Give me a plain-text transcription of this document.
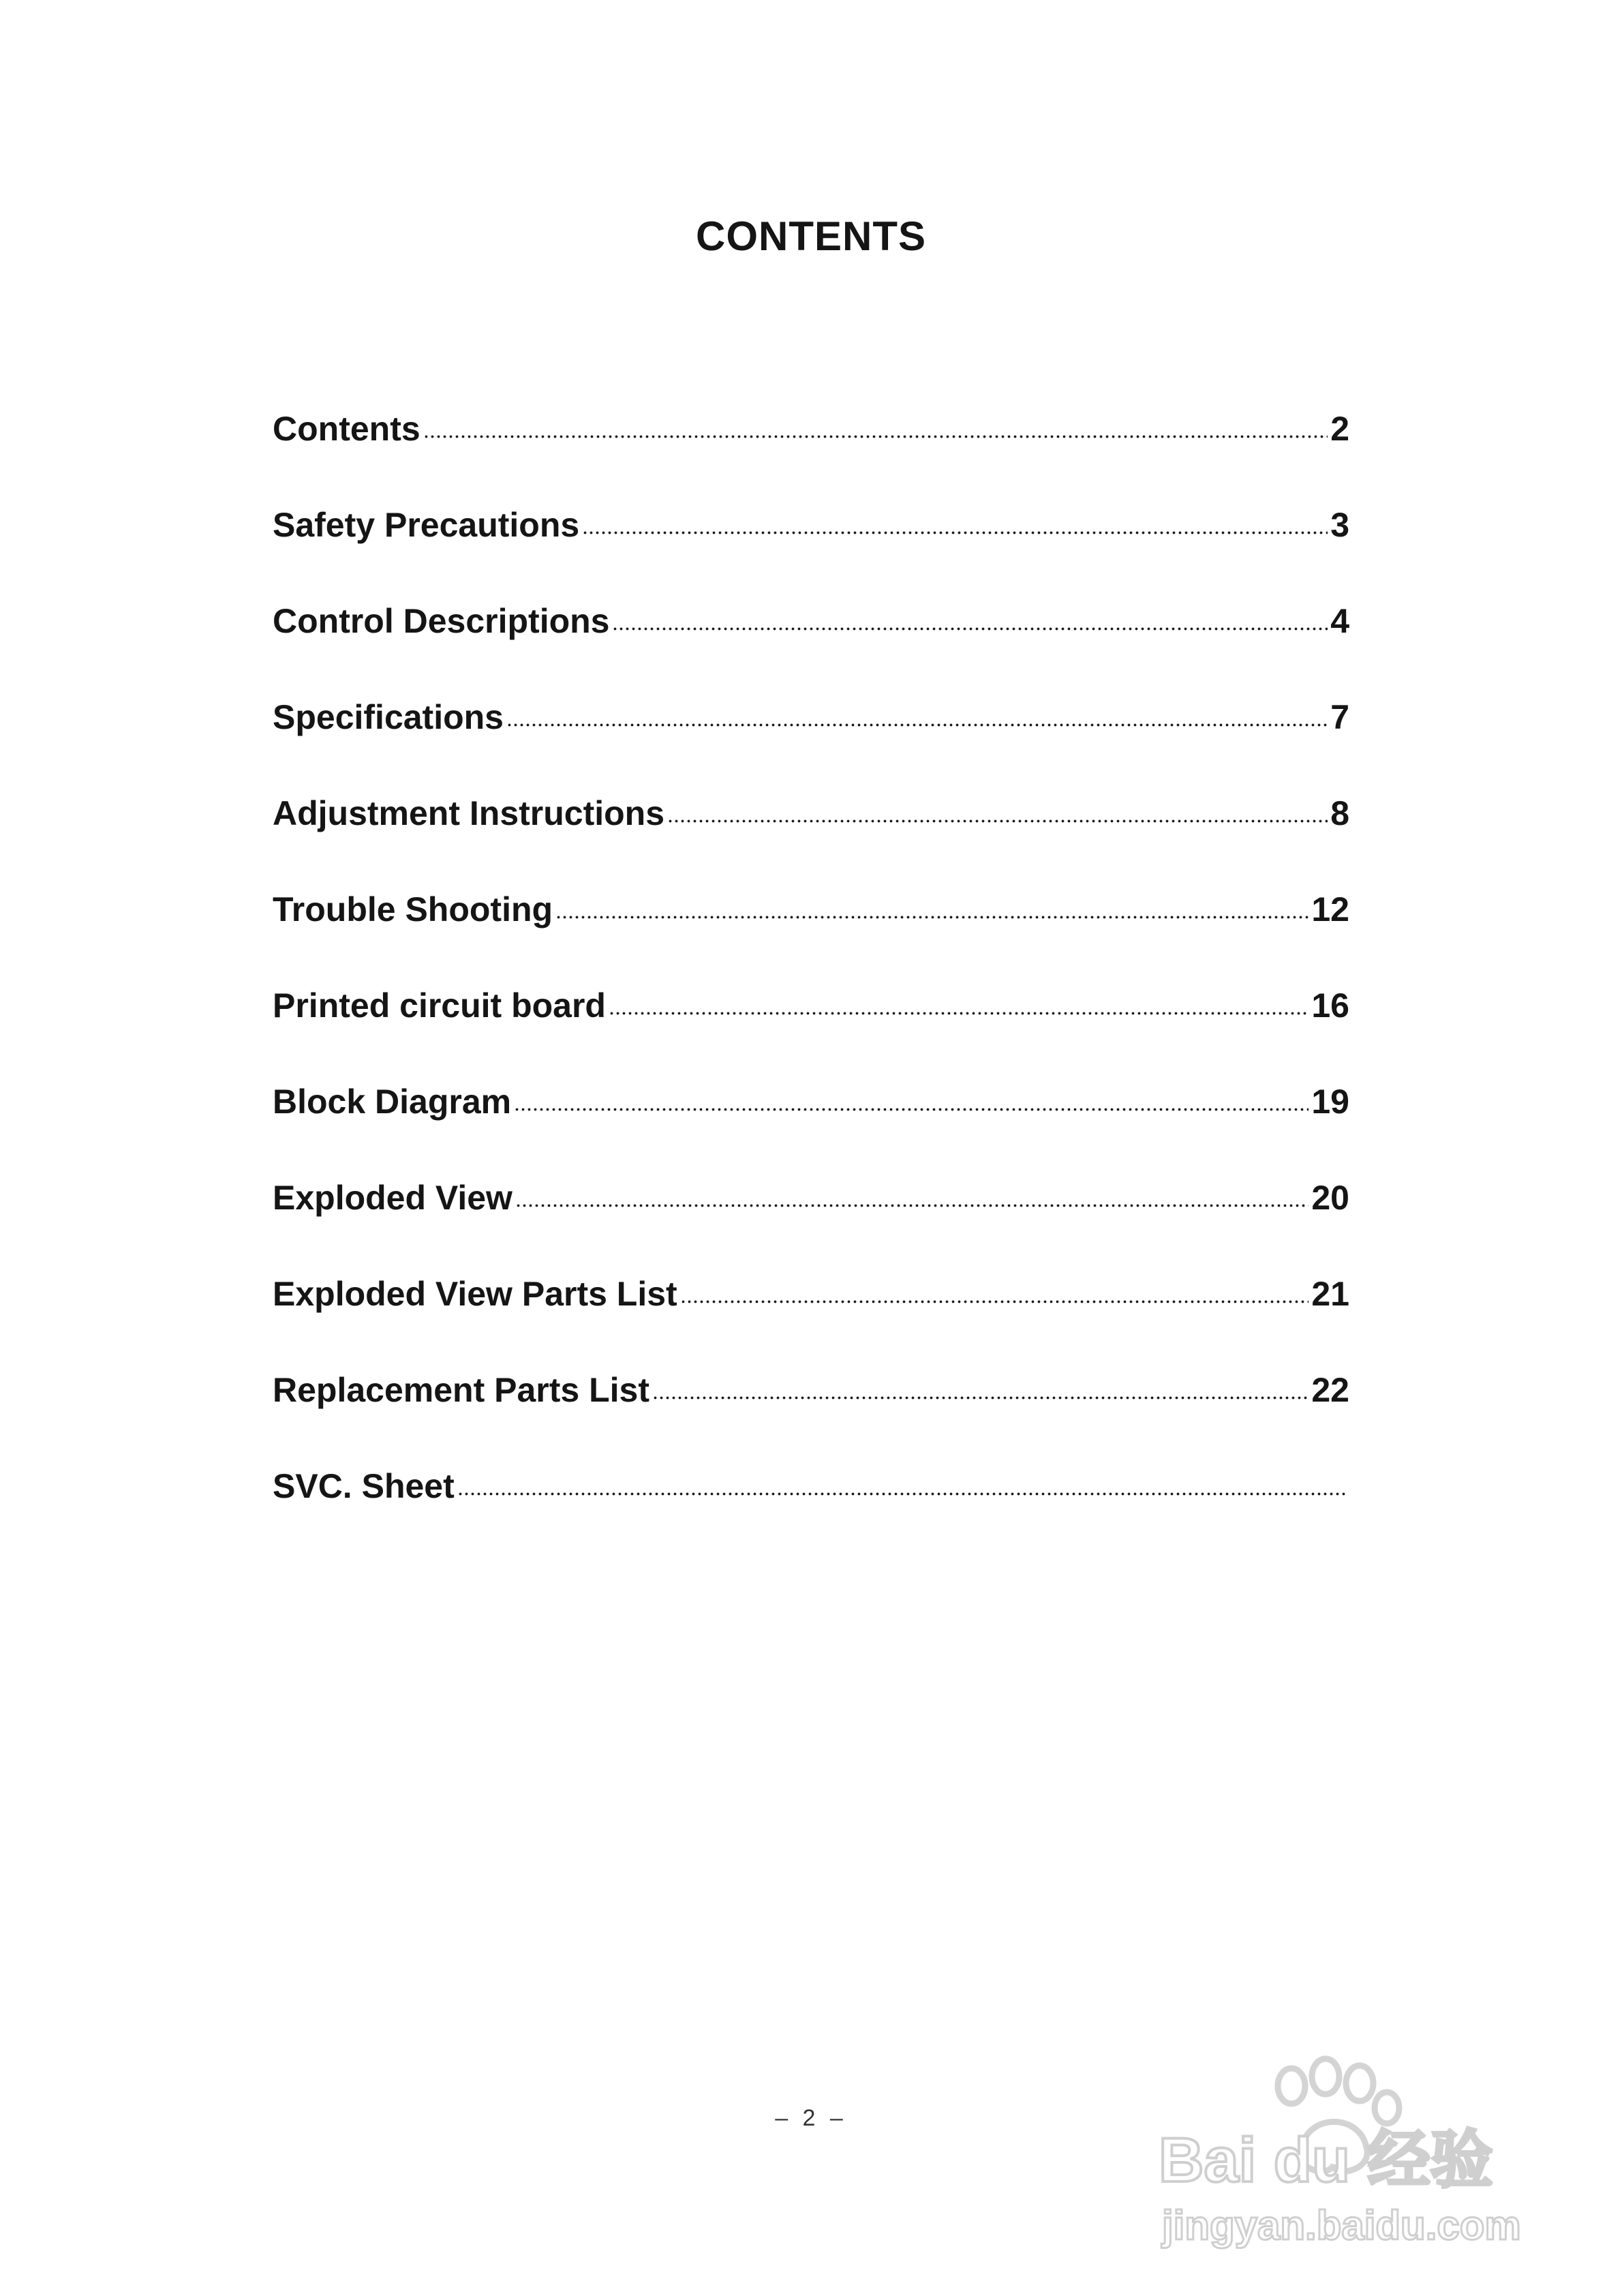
CONTENTS
Contents	2
Safety Precautions	3
Control Descriptions	4
Specifications	7
Adjustment Instructions	8
Trouble Shooting	12
Printed circuit board	16
Block Diagram	19
Exploded View	20
Exploded View Parts List	21
Replacement Parts List	22
SVC. Sheet
– 2 –
Bai du 经验
jingyan.baidu.com
